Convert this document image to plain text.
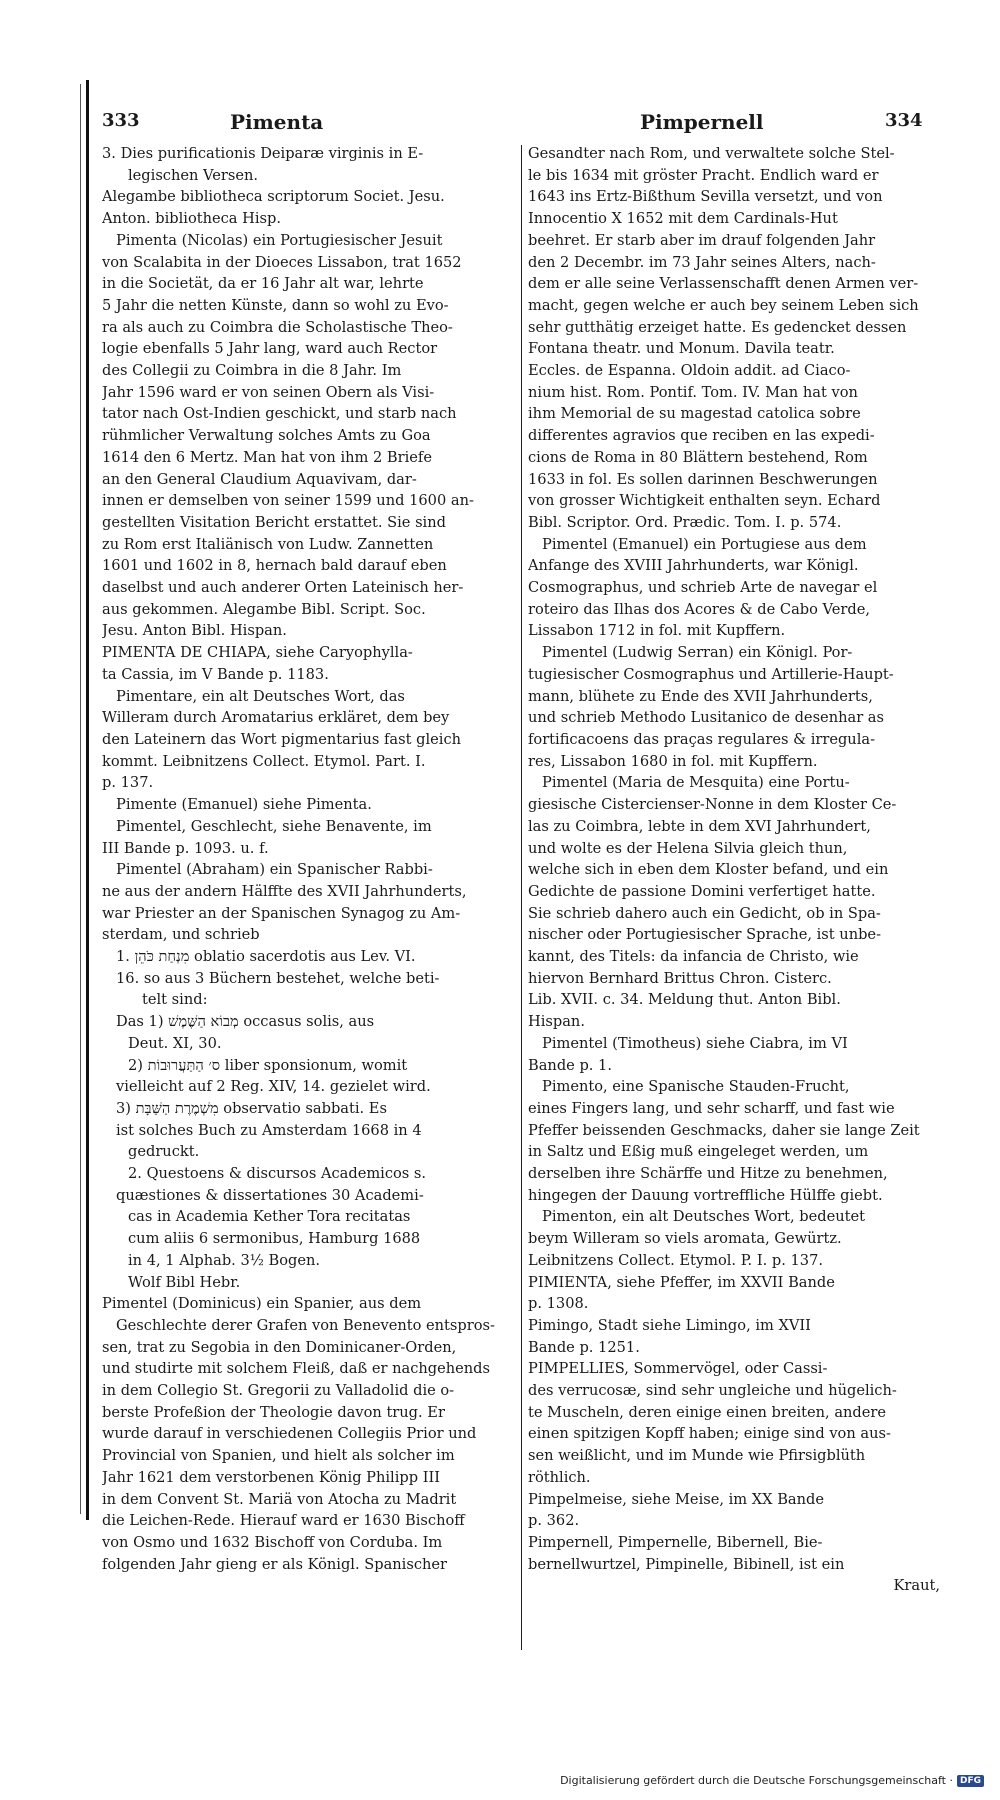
333	Pimenta	Pimpernell	334
3. Dies purificationis Deiparæ virginis in E-
legischen Versen.
Alegambe bibliotheca scriptorum Societ. Jesu.
Anton. bibliotheca Hisp.
Pimenta (Nicolas) ein Portugiesischer Jesuit
von Scalabita in der Dioeces Lissabon, trat 1652
in die Societät, da er 16 Jahr alt war, lehrte
5 Jahr die netten Künste, dann so wohl zu Evo-
ra als auch zu Coimbra die Scholastische Theo-
logie ebenfalls 5 Jahr lang, ward auch Rector
des Collegii zu Coimbra in die 8 Jahr. Im
Jahr 1596 ward er von seinen Obern als Visi-
tator nach Ost-Indien geschickt, und starb nach
rühmlicher Verwaltung solches Amts zu Goa
1614 den 6 Mertz. Man hat von ihm 2 Briefe
an den General Claudium Aquavivam, dar-
innen er demselben von seiner 1599 und 1600 an-
gestellten Visitation Bericht erstattet. Sie sind
zu Rom erst Italiänisch von Ludw. Zannetten
1601 und 1602 in 8, hernach bald darauf eben
daselbst und auch anderer Orten Lateinisch her-
aus gekommen. Alegambe Bibl. Script. Soc.
Jesu. Anton Bibl. Hispan.
PIMENTA DE CHIAPA, siehe Caryophylla-
ta Cassia, im V Bande p. 1183.
Pimentare, ein alt Deutsches Wort, das
Willeram durch Aromatarius erkläret, dem bey
den Lateinern das Wort pigmentarius fast gleich
kommt. Leibnitzens Collect. Etymol. Part. I.
p. 137.
Pimente (Emanuel) siehe Pimenta.
Pimentel, Geschlecht, siehe Benavente, im
III Bande p. 1093. u. f.
Pimentel (Abraham) ein Spanischer Rabbi-
ne aus der andern Hälffte des XVII Jahrhunderts,
war Priester an der Spanischen Synagog zu Am-
sterdam, und schrieb
1. מִנְחַת כֹּהֵן oblatio sacerdotis aus Lev. VI.
16. so aus 3 Büchern bestehet, welche beti-
telt sind:
Das 1) מְבוֹא הַשֶּׁמֶשׁ occasus solis, aus
Deut. XI, 30.
2) ס׳ הַתַּעֲרוּבוֹת liber sponsionum, womit
vielleicht auf 2 Reg. XIV, 14. gezielet wird.
3) מִשְׁמֶרֶת הַשַּׁבָּת observatio sabbati. Es
ist solches Buch zu Amsterdam 1668 in 4
gedruckt.
2. Questoens & discursos Academicos s.
quæstiones & dissertationes 30 Academi-
cas in Academia Kether Tora recitatas
cum aliis 6 sermonibus, Hamburg 1688
in 4, 1 Alphab. 3½ Bogen.
Wolf Bibl Hebr.
Pimentel (Dominicus) ein Spanier, aus dem
Geschlechte derer Grafen von Benevento entspros-
sen, trat zu Segobia in den Dominicaner-Orden,
und studirte mit solchem Fleiß, daß er nachgehends
in dem Collegio St. Gregorii zu Valladolid die o-
berste Profeßion der Theologie davon trug. Er
wurde darauf in verschiedenen Collegiis Prior und
Provincial von Spanien, und hielt als solcher im
Jahr 1621 dem verstorbenen König Philipp III
in dem Convent St. Mariä von Atocha zu Madrit
die Leichen-Rede. Hierauf ward er 1630 Bischoff
von Osmo und 1632 Bischoff von Corduba. Im
folgenden Jahr gieng er als Königl. Spanischer
Gesandter nach Rom, und verwaltete solche Stel-
le bis 1634 mit gröster Pracht. Endlich ward er
1643 ins Ertz-Bißthum Sevilla versetzt, und von
Innocentio X 1652 mit dem Cardinals-Hut
beehret. Er starb aber im drauf folgenden Jahr
den 2 Decembr. im 73 Jahr seines Alters, nach-
dem er alle seine Verlassenschafft denen Armen ver-
macht, gegen welche er auch bey seinem Leben sich
sehr gutthätig erzeiget hatte. Es gedencket dessen
Fontana theatr. und Monum. Davila teatr.
Eccles. de Espanna. Oldoin addit. ad Ciaco-
nium hist. Rom. Pontif. Tom. IV. Man hat von
ihm Memorial de su magestad catolica sobre
differentes agravios que reciben en las expedi-
cions de Roma in 80 Blättern bestehend, Rom
1633 in fol. Es sollen darinnen Beschwerungen
von grosser Wichtigkeit enthalten seyn. Echard
Bibl. Scriptor. Ord. Prædic. Tom. I. p. 574.
Pimentel (Emanuel) ein Portugiese aus dem
Anfange des XVIII Jahrhunderts, war Königl.
Cosmographus, und schrieb Arte de navegar el
roteiro das Ilhas dos Acores & de Cabo Verde,
Lissabon 1712 in fol. mit Kupffern.
Pimentel (Ludwig Serran) ein Königl. Por-
tugiesischer Cosmographus und Artillerie-Haupt-
mann, blühete zu Ende des XVII Jahrhunderts,
und schrieb Methodo Lusitanico de desenhar as
fortificacoens das praças regulares & irregula-
res, Lissabon 1680 in fol. mit Kupffern.
Pimentel (Maria de Mesquita) eine Portu-
giesische Cistercienser-Nonne in dem Kloster Ce-
las zu Coimbra, lebte in dem XVI Jahrhundert,
und wolte es der Helena Silvia gleich thun,
welche sich in eben dem Kloster befand, und ein
Gedichte de passione Domini verfertiget hatte.
Sie schrieb dahero auch ein Gedicht, ob in Spa-
nischer oder Portugiesischer Sprache, ist unbe-
kannt, des Titels: da infancia de Christo, wie
hiervon Bernhard Brittus Chron. Cisterc.
Lib. XVII. c. 34. Meldung thut. Anton Bibl.
Hispan.
Pimentel (Timotheus) siehe Ciabra, im VI
Bande p. 1.
Pimento, eine Spanische Stauden-Frucht,
eines Fingers lang, und sehr scharff, und fast wie
Pfeffer beissenden Geschmacks, daher sie lange Zeit
in Saltz und Eßig muß eingeleget werden, um
derselben ihre Schärffe und Hitze zu benehmen,
hingegen der Dauung vortreffliche Hülffe giebt.
Pimenton, ein alt Deutsches Wort, bedeutet
beym Willeram so viels aromata, Gewürtz.
Leibnitzens Collect. Etymol. P. I. p. 137.
PIMIENTA, siehe Pfeffer, im XXVII Bande
p. 1308.
Pimingo, Stadt siehe Limingo, im XVII
Bande p. 1251.
PIMPELLIES, Sommervögel, oder Cassi-
des verrucosæ, sind sehr ungleiche und hügelich-
te Muscheln, deren einige einen breiten, andere
einen spitzigen Kopff haben; einige sind von aus-
sen weißlicht, und im Munde wie Pfirsigblüth
röthlich.
Pimpelmeise, siehe Meise, im XX Bande
p. 362.
Pimpernell, Pimpernelle, Bibernell, Bie-
bernellwurtzel, Pimpinelle, Bibinell, ist ein
Kraut,
Digitalisierung gefördert durch die Deutsche Forschungsgemeinschaft · DFG
